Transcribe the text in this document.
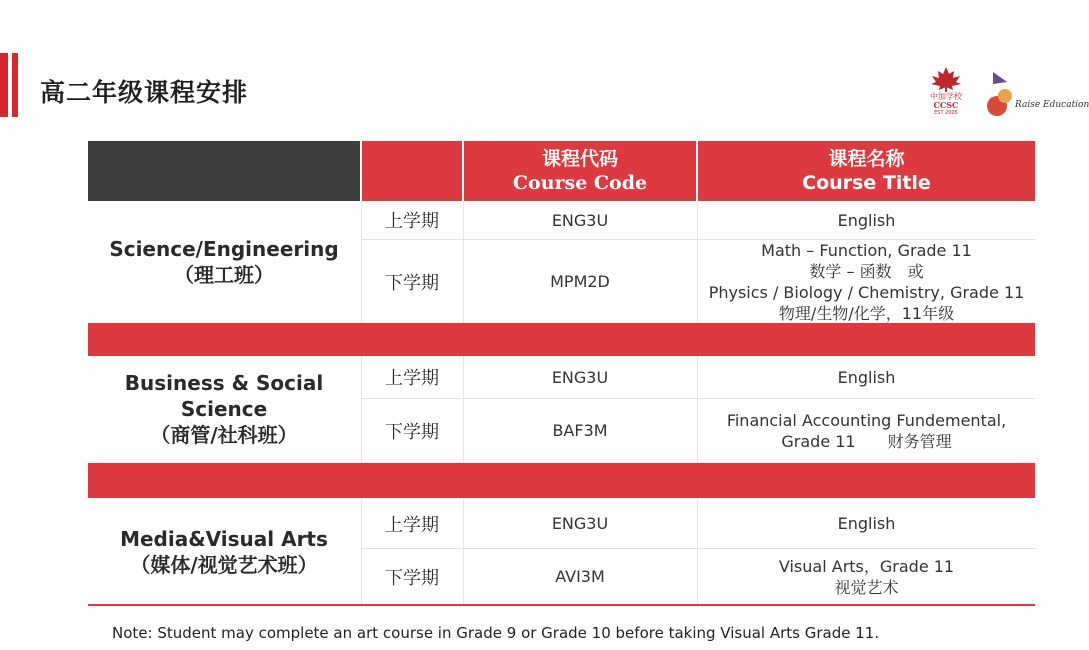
高二年级课程安排	中加学校
CCSC
EST 2005
Raise Education
课程代码
Course Code
课程名称
Course Title
Science/Engineering
（理工班）
上学期	ENG3U	English
下学期	MPM2D
Math – Function, Grade 11
数学 – 函数　或
Physics / Biology / Chemistry, Grade 11
物理/生物/化学，11年级
Business & Social
Science
（商管/社科班）
上学期	ENG3U	English
下学期	BAF3M
Financial Accounting Fundemental,
Grade 11　　财务管理
Media&Visual Arts
（媒体/视觉艺术班）
上学期	ENG3U	English
下学期	AVI3M
Visual Arts，Grade 11
视觉艺术
Note: Student may complete an art course in Grade 9 or Grade 10 before taking Visual Arts Grade 11.
